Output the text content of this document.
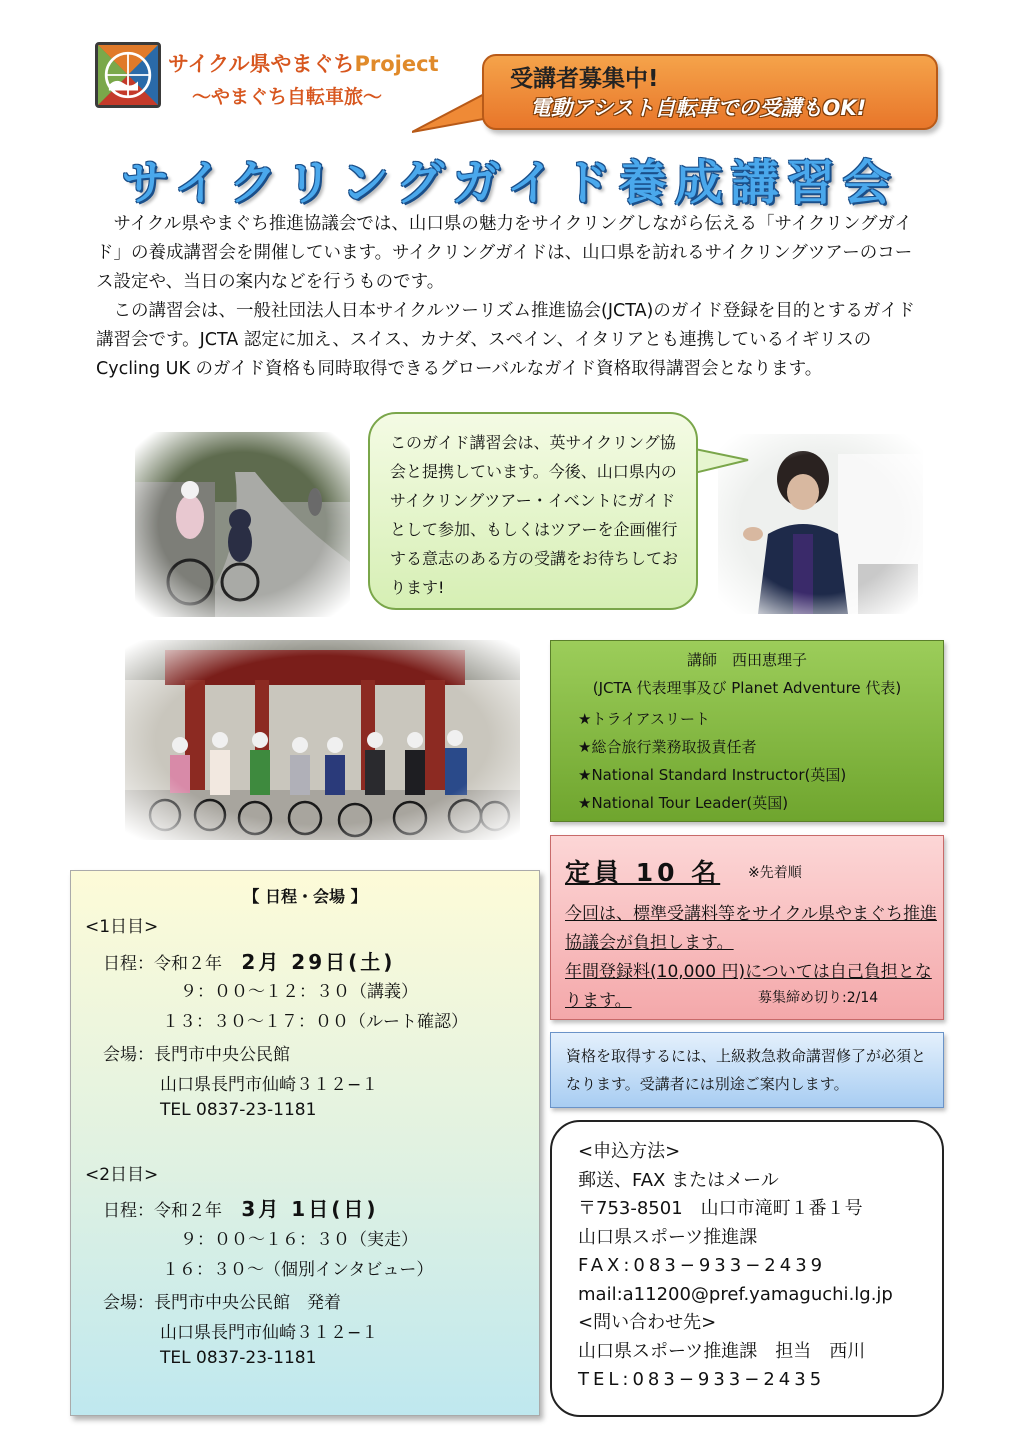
サイクル県やまぐちProject
〜やまぐち自転車旅〜
受講者募集中!
電動アシスト自転車での受講もOK!
サイクリングガイド養成講習会

サイクル県やまぐち推進協議会では、山口県の魅力をサイクリングしながら伝える「サイクリングガイド」の養成講習会を開催しています。サイクリングガイドは、山口県を訪れるサイクリングツアーのコース設定や、当日の案内などを行うものです。

この講習会は、一般社団法人日本サイクルツーリズム推進協会(JCTA)のガイド登録を目的とするガイド講習会です。JCTA 認定に加え、スイス、カナダ、スペイン、イタリアとも連携しているイギリスの Cycling UK のガイド資格も同時取得できるグローバルなガイド資格取得講習会となります。

このガイド講習会は、英サイクリング協会と提携しています。今後、山口県内のサイクリングツアー・イベントにガイドとして参加、もしくはツアーを企画催行する意志のある方の受講をお待ちしております!
講師　西田恵理子
(JCTA 代表理事及び Planet Adventure 代表)
★トライアスリート
★総合旅行業務取扱責任者
★National Standard Instructor(英国)
★National Tour Leader(英国)
定員 10 名 ※先着順
今回は、標準受講料等をサイクル県やまぐち推進協議会が負担します。
年間登録料(10,000 円)については自己負担となります。	募集締め切り:2/14
資格を取得するには、上級救急救命講習修了が必須となります。受講者には別途ご案内します。
<申込方法>
郵送、FAX またはメール
〒753-8501　山口市滝町１番１号
山口県スポーツ推進課
FAX:083−933−2439
mail:a11200@pref.yamaguchi.lg.jp
<問い合わせ先>
山口県スポーツ推進課　担当　西川
TEL:083−933−2435
【 日程・会場 】
<1日目>
日程：令和２年 2月 29日(土)
９：００〜１２：３０（講義）
１３：３０〜１７：００（ルート確認）
会場：長門市中央公民館
山口県長門市仙崎３１２−１
TEL 0837-23-1181
<2日目>
日程：令和２年 3月 1日(日)
９：００〜１６：３０（実走）
１６：３０〜（個別インタビュー）
会場：長門市中央公民館　発着
山口県長門市仙崎３１２−１
TEL 0837-23-1181
